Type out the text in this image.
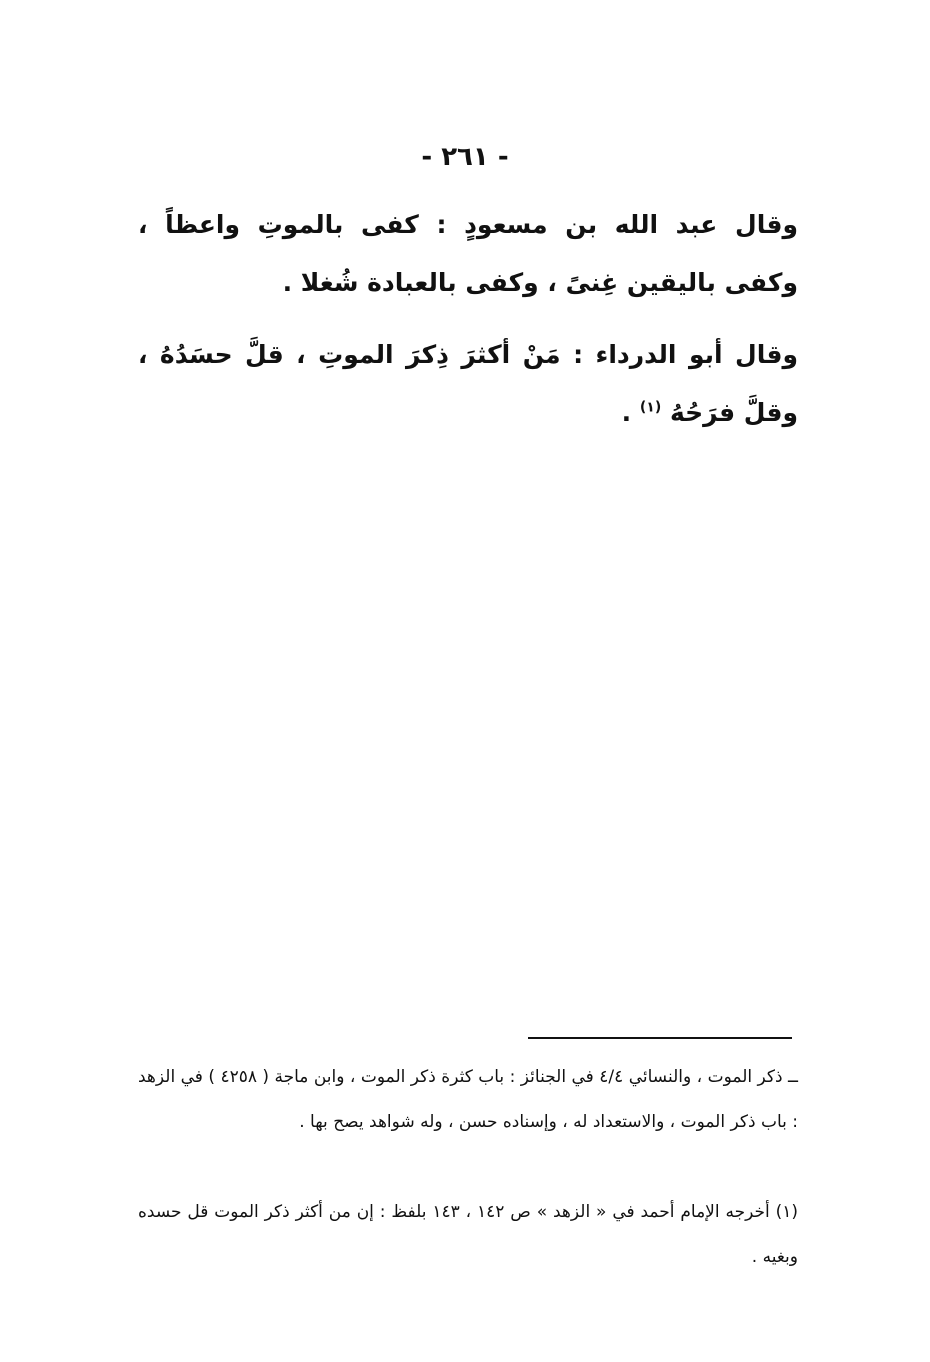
- ٢٦١ -

وقال عبد الله بن مسعودٍ : كفى بالموتِ واعظاً ، وكفى باليقين غِنىً ، وكفى بالعبادة شُغلا .

وقال أبو الدرداء : مَنْ أكثرَ ذِكرَ الموتِ ، قلَّ حسَدُهُ ، وقلَّ فرَحُهُ $^{(١)}$ .

ــ ذكر الموت ، والنسائي ٤/٤ في الجنائز : باب كثرة ذكر الموت ، وابن ماجة ( ٤٢٥٨ ) في الزهد : باب ذكر الموت ، والاستعداد له ، وإسناده حسن ، وله شواهد يصح بها .

(١) أخرجه الإمام أحمد في « الزهد » ص ١٤٢ ، ١٤٣ بلفظ : إن من أكثر ذكر الموت قل حسده وبغيه .
